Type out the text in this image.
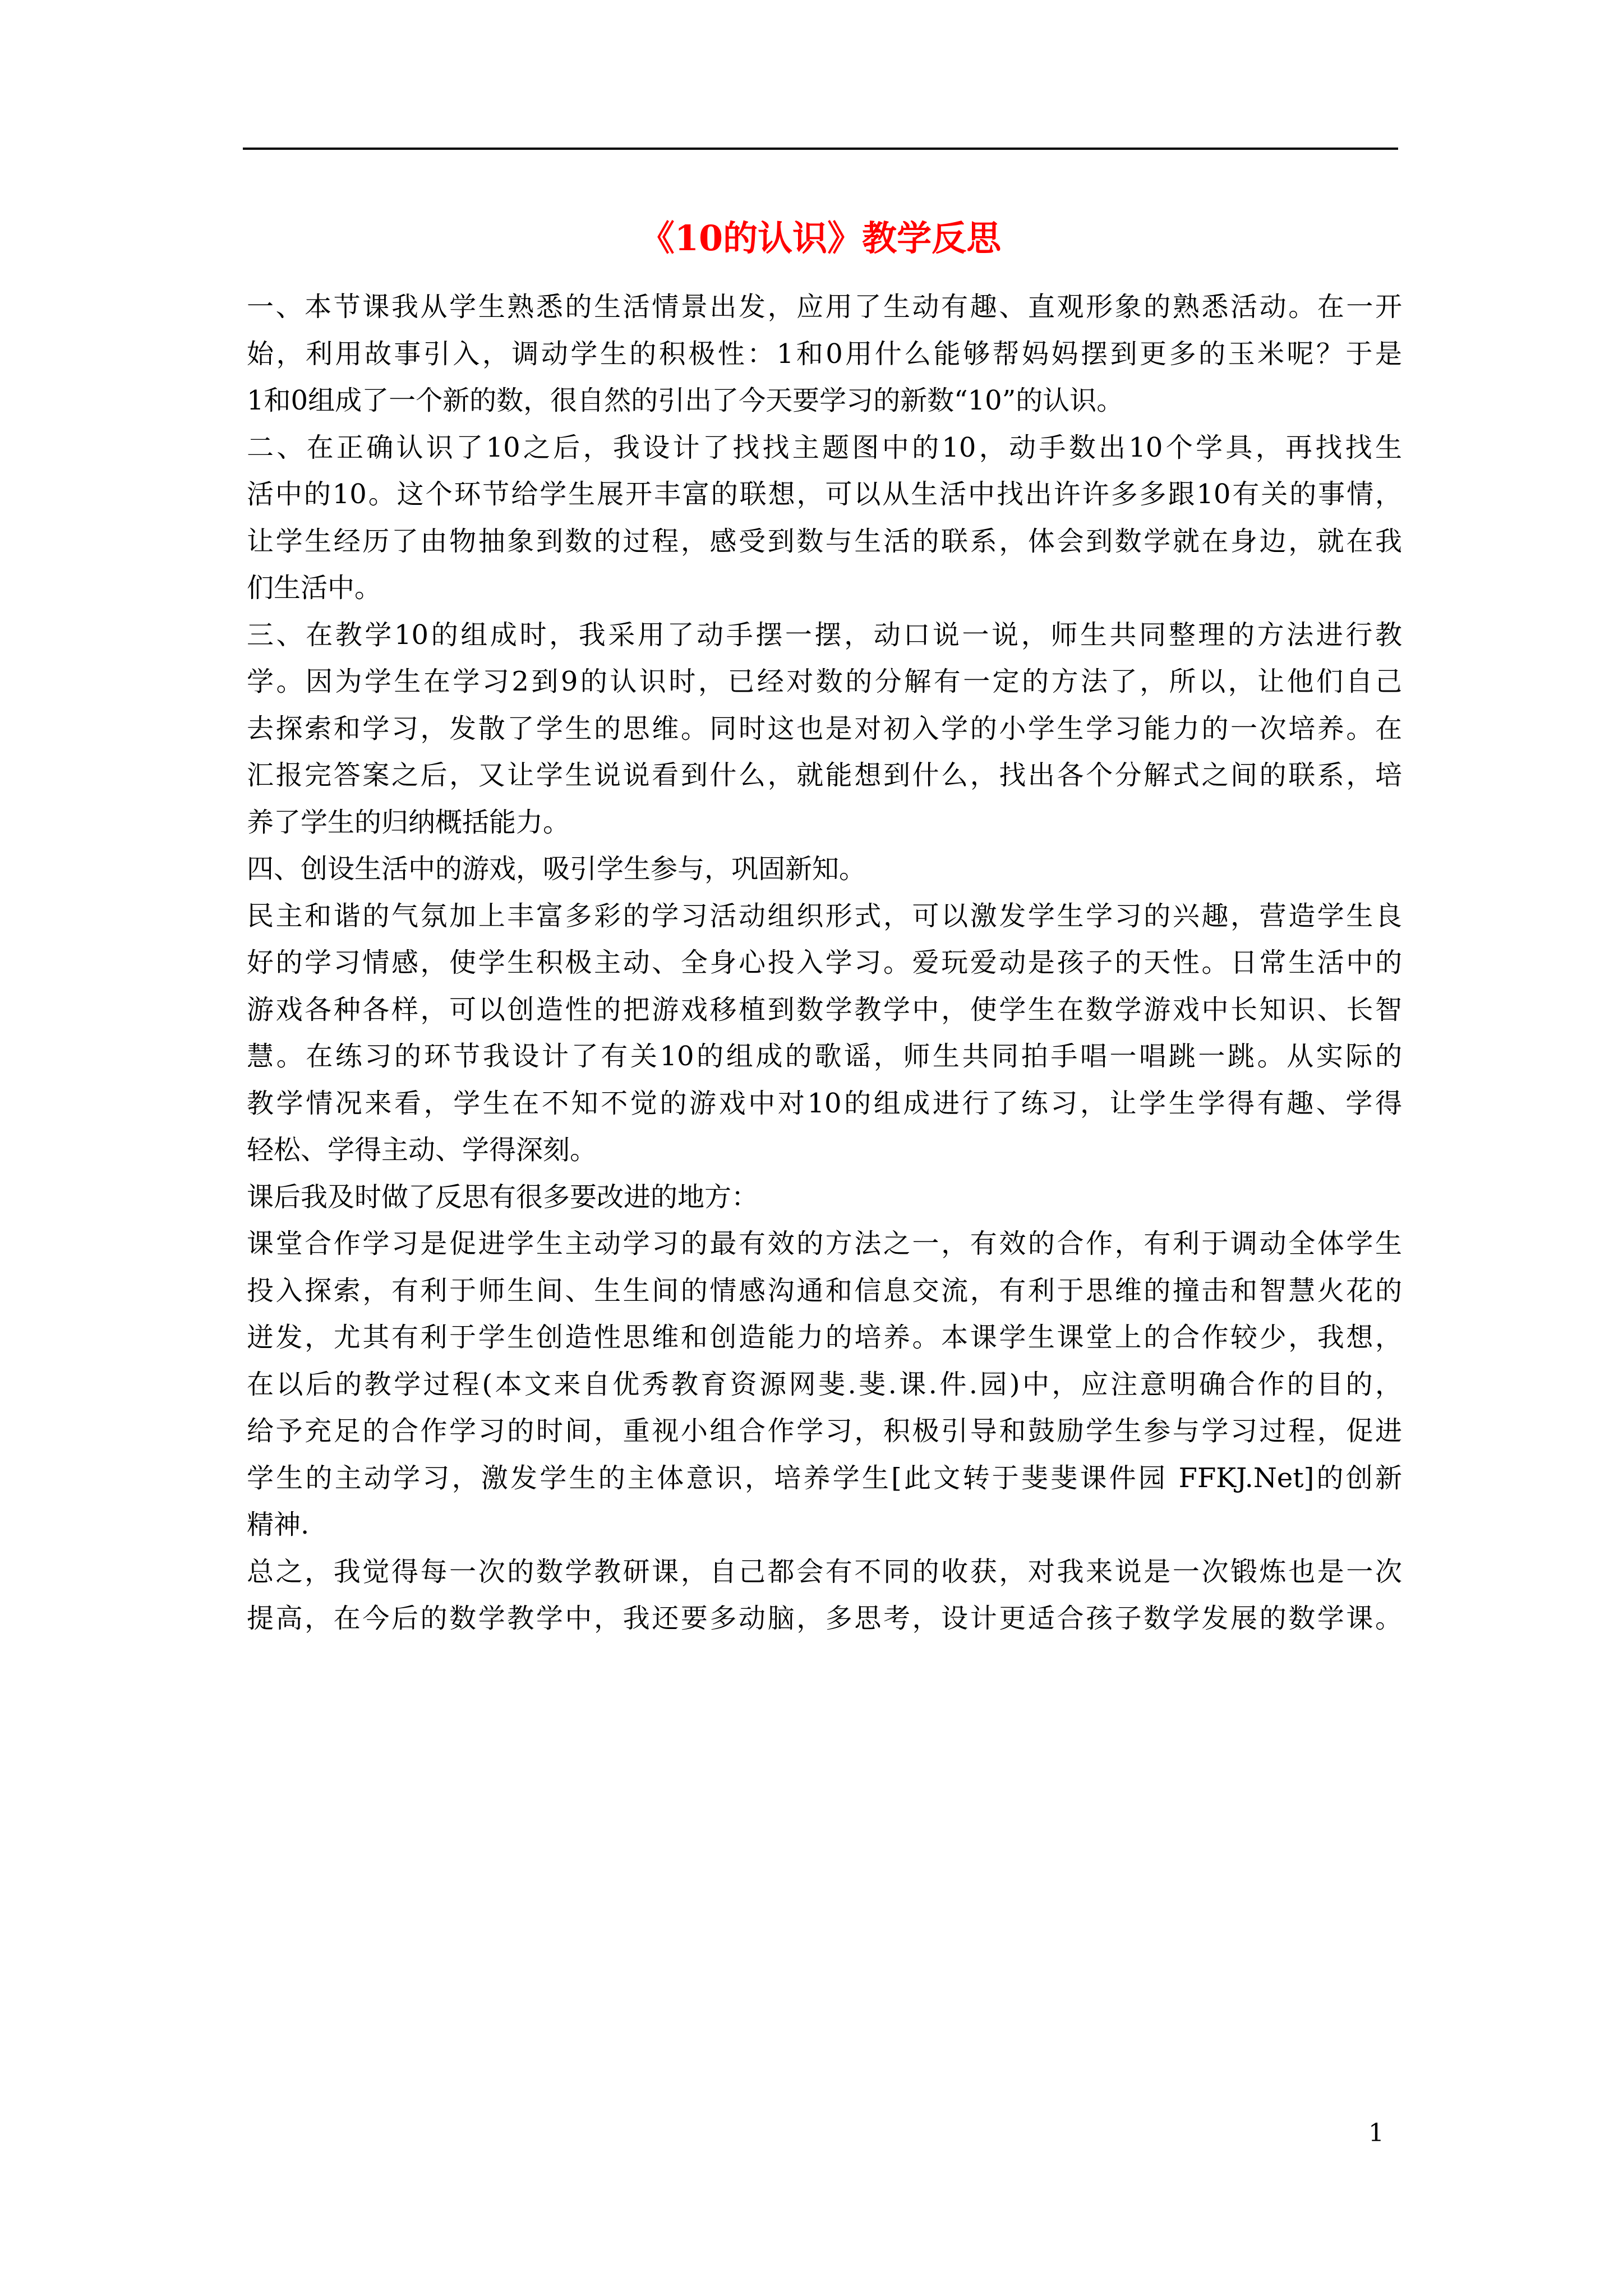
《10的认识》教学反思
一、本节课我从学生熟悉的生活情景出发，应用了生动有趣、直观形象的熟悉活动。在一开
始，利用故事引入，调动学生的积极性：1和0用什么能够帮妈妈摆到更多的玉米呢？于是
1和0组成了一个新的数，很自然的引出了今天要学习的新数“10”的认识。
二、在正确认识了10之后，我设计了找找主题图中的10，动手数出10个学具，再找找生
活中的10。这个环节给学生展开丰富的联想，可以从生活中找出许许多多跟10有关的事情，
让学生经历了由物抽象到数的过程，感受到数与生活的联系，体会到数学就在身边，就在我
们生活中。
三、在教学10的组成时，我采用了动手摆一摆，动口说一说，师生共同整理的方法进行教
学。因为学生在学习2到9的认识时，已经对数的分解有一定的方法了，所以，让他们自己
去探索和学习，发散了学生的思维。同时这也是对初入学的小学生学习能力的一次培养。在
汇报完答案之后，又让学生说说看到什么，就能想到什么，找出各个分解式之间的联系，培
养了学生的归纳概括能力。
四、创设生活中的游戏，吸引学生参与，巩固新知。
民主和谐的气氛加上丰富多彩的学习活动组织形式，可以激发学生学习的兴趣，营造学生良
好的学习情感，使学生积极主动、全身心投入学习。爱玩爱动是孩子的天性。日常生活中的
游戏各种各样，可以创造性的把游戏移植到数学教学中，使学生在数学游戏中长知识、长智
慧。在练习的环节我设计了有关10的组成的歌谣，师生共同拍手唱一唱跳一跳。从实际的
教学情况来看，学生在不知不觉的游戏中对10的组成进行了练习，让学生学得有趣、学得
轻松、学得主动、学得深刻。
课后我及时做了反思有很多要改进的地方：
课堂合作学习是促进学生主动学习的最有效的方法之一，有效的合作，有利于调动全体学生
投入探索，有利于师生间、生生间的情感沟通和信息交流，有利于思维的撞击和智慧火花的
迸发，尤其有利于学生创造性思维和创造能力的培养。本课学生课堂上的合作较少，我想，
在以后的教学过程(本文来自优秀教育资源网斐.斐.课.件.园)中，应注意明确合作的目的，
给予充足的合作学习的时间，重视小组合作学习，积极引导和鼓励学生参与学习过程，促进
学生的主动学习，激发学生的主体意识，培养学生[此文转于斐斐课件园 FFKJ.Net]的创新
精神.
总之，我觉得每一次的数学教研课，自己都会有不同的收获，对我来说是一次锻炼也是一次
提高，在今后的数学教学中，我还要多动脑，多思考，设计更适合孩子数学发展的数学课。
1
